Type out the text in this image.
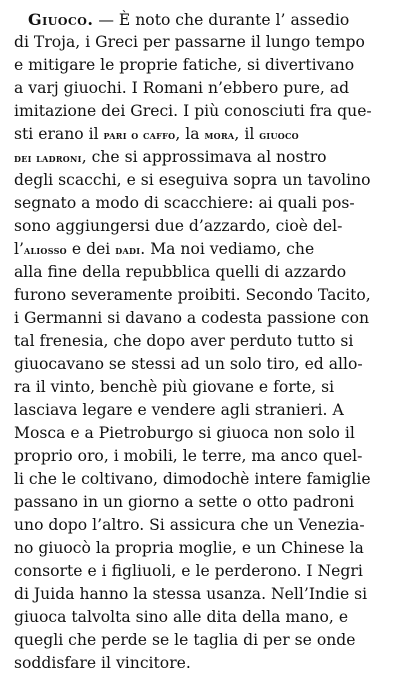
Giuoco. — È noto che durante l’ assedio
di Troja, i Greci per passarne il lungo tempo
e mitigare le proprie fatiche, si divertivano
a varj giuochi. I Romani n’ebbero pure, ad
imitazione dei Greci. I più conosciuti fra que-
sti erano il pari o caffo, la mora, il giuoco
dei ladroni, che si approssimava al nostro
degli scacchi, e si eseguiva sopra un tavolino
segnato a modo di scacchiere: ai quali pos-
sono aggiungersi due d’azzardo, cioè del-
l’aliosso e dei dadi. Ma noi vediamo, che
alla fine della repubblica quelli di azzardo
furono severamente proibiti. Secondo Tacito,
i Germanni si davano a codesta passione con
tal frenesia, che dopo aver perduto tutto si
giuocavano se stessi ad un solo tiro, ed allo-
ra il vinto, benchè più giovane e forte, si
lasciava legare e vendere agli stranieri. A
Mosca e a Pietroburgo si giuoca non solo il
proprio oro, i mobili, le terre, ma anco quel-
li che le coltivano, dimodochè intere famiglie
passano in un giorno a sette o otto padroni
uno dopo l’altro. Si assicura che un Venezia-
no giuocò la propria moglie, e un Chinese la
consorte e i figliuoli, e le perderono. I Negri
di Juida hanno la stessa usanza. Nell’Indie si
giuoca talvolta sino alle dita della mano, e
quegli che perde se le taglia di per se onde
soddisfare il vincitore.
